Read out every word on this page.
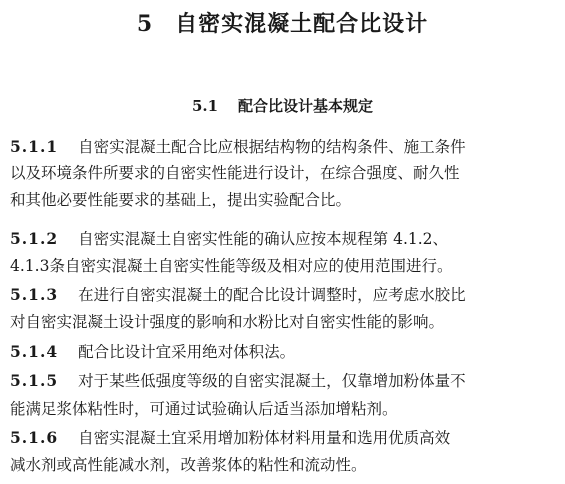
5 自密实混凝土配合比设计
5.1 配合比设计基本规定
5.1.1 自密实混凝土配合比应根据结构物的结构条件、施工条件
以及环境条件所要求的自密实性能进行设计，在综合强度、耐久性
和其他必要性能要求的基础上，提出实验配合比。
5.1.2 自密实混凝土自密实性能的确认应按本规程第 4.1.2、
4.1.3条自密实混凝土自密实性能等级及相对应的使用范围进行。
5.1.3 在进行自密实混凝土的配合比设计调整时，应考虑水胶比
对自密实混凝土设计强度的影响和水粉比对自密实性能的影响。
5.1.4 配合比设计宜采用绝对体积法。
5.1.5 对于某些低强度等级的自密实混凝土，仅靠增加粉体量不
能满足浆体粘性时，可通过试验确认后适当添加增粘剂。
5.1.6 自密实混凝土宜采用增加粉体材料用量和选用优质高效
减水剂或高性能减水剂，改善浆体的粘性和流动性。
